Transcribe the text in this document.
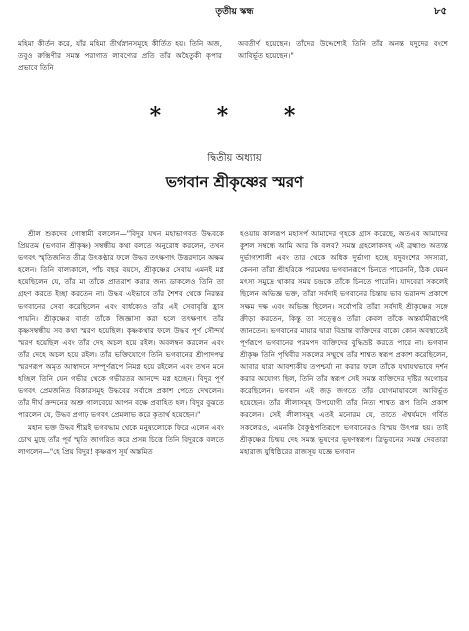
তৃতীয় স্কন্ধ	৮৫

মহিমা কীর্তন করে, যাঁর মহিমা তীর্থস্নানসমূহে কীর্তিত হয়। তিনি অজ, তবুও রুক্মিণীর সমস্ত পরাগাত লাবণ্যের প্রতি তাঁর অহৈতুকী কৃপার প্রভাবে তিনি

অবতীর্ণ হয়েছেন। তাঁদের উদ্দেশ্যেই তিনি তাঁর অনন্ত যদুদের বংশে আবির্ভূত হয়েছেন।"

* * *
দ্বিতীয় অধ্যায়
ভগবান শ্রীকৃষ্ণের স্মরণ

শ্রীল শুকদেব গোস্বামী বললেন—"বিদুর যখন মহাভাগবত উদ্ধবকে প্রিয়তম (ভগবান শ্রীকৃষ্ণ) সম্বন্ধীয় কথা বলতে অনুরোধ করলেন, তখন ভগবৎ স্মৃতিজনিত তীব্র উৎকণ্ঠার ফলে উদ্ধব তৎক্ষণাৎ উত্তরদানে অক্ষম হলেন। তিনি বাল্যকালে, পাঁচ বছর বয়সে, শ্রীকৃষ্ণের সেবায় এমনই মগ্ন হয়েছিলেন যে, তাঁর মা তাঁকে প্রাতরাশ করার জন্য ডাকলেও তিনি তা গ্রহণ করতে ইচ্ছা করতেন না। উদ্ধব এইভাবে তাঁর শৈশব থেকে নিরন্তর ভগবানের সেবা করেছিলেন এবং বার্ধক্যেও তাঁর এই সেবাবৃত্তি হ্রাস পায়নি। শ্রীকৃষ্ণের বার্তা তাঁকে জিজ্ঞাসা করা হলে তৎক্ষণাৎ তাঁর কৃষ্ণসম্বন্ধীয় সব কথা স্মরণ হয়েছিল। কৃষ্ণকথার ফলে উদ্ধব পূর্ণ সৌন্দর্য স্মরণ হয়েছিল এবং তাঁর দেহ অচল হয়ে রইল। অবলম্বন করলেন এবং তাঁর দেহে অচল হয়ে রইল। তাঁর ভক্তিযোগে তিনি ভগবানের শ্রীপাদপদ্ম স্মরণরূপ অমৃত আস্বাদনে সম্পূর্ণরূপে নিমগ্ন হয়ে রইলেন এবং তখন মনে হচ্ছিল তিনি যেন গভীর থেকে গভীরতর আনন্দে মগ্ন হচ্ছেন। বিদুর পূর্ণ ভগবৎ প্রেমজনিত বিকারসমূহ উদ্ধবের সর্বাঙ্গে প্রকাশ পেতে দেখলেন। তাঁর দীর্ঘ ক্রন্দনের অশ্রু গালবেয়ে আপন বক্ষে প্রবাহিত হল। বিদুর বুঝতে পারলেন যে, উদ্ধব প্রগাঢ় ভগবৎ প্রেমলাভ করে কৃতার্থ হয়েছেন।"

মহান ভক্ত উদ্ধব শীঘ্রই ভগবদ্ধাম থেকে মনুষ্যলোকে ফিরে এলেন এবং চোখ মুছে তাঁর পূর্ব স্মৃতি জাগরিত করে প্রসন্ন চিত্তে তিনি বিদুরকে বলতে লাগলেন—"হে প্রিয় বিদুর! কৃষ্ণরূপ সূর্য অস্তমিত

হওয়ায় কালরূপ মহাসর্প আমাদের গৃহকে গ্রাস করেছে, অতএব আমাদের কুশল সম্বন্ধে আমি আর কি বলব? সমস্ত গ্রহলোকসহ এই ব্রহ্মাণ্ড অত্যন্ত দুর্ভাগ্যশালী এবং তার থেকে অধিক দুর্ভাগা হচ্ছে যদুবংশের সদস্যরা, কেননা তাঁরা শ্রীহরিকে পরমেশ্বর ভগবানরূপে চিনতে পারেননি, ঠিক যেমন মৎস্য সমুদ্রে থাকার সময় চন্দ্রকে তাঁকে চিনতে পারেনি। যাদবেরা সকলেই ছিলেন অভিজ্ঞ ভক্ত, তাঁরা সর্বদাই ভগবানের চিন্তায় ভাব ভরানন্দ প্রকাশে সক্ষম দক্ষ এবং অভিজ্ঞ ছিলেন। সর্বোপরি তাঁরা সর্বদাই শ্রীকৃষ্ণের সঙ্গে ক্রীড়া করতেন, কিন্তু তা সত্ত্বেও তাঁরা কেবল তাঁকে অন্তর্যামীরূপেই জানতেন। ভগবানের মায়ার দ্বারা বিভ্রান্ত ব্যক্তিদের বাক্যে কোন অবস্থাতেই পূর্ণরূপে ভগবানের পরমপদ ব্যক্তিদের বুদ্ধিভ্রষ্ট করতে পারে না। ভগবান শ্রীকৃষ্ণ তিনি পৃথিবীর সকলের সম্মুখে তাঁর শাশ্বত স্বরূপ প্রকাশ করেছিলেন, আবার যারা আবশ্যকীয় তপশ্চর্যা না করার ফলে তাঁকে যথাযথভাবে দর্শন করার অযোগ্য ছিল, তিনি তাঁর স্বরূপ সেই সমস্ত ব্যক্তিদের দৃষ্টির অগোচর করেছিলেন। ভগবান এই জড় জগতে তাঁর যোগমায়াবলে আবির্ভূত হয়েছেন। তাঁর লীলাসমূহ উপযোগী তাঁর নিত্য শাশ্বত রূপ তিনি প্রকাশ করলেন। সেই লীলাসমূহ এতই মনোরম যে, তাতে ঐশ্বর্যমদে গর্বিত সকলেরও, এমনকি বৈকুণ্ঠপতিরূপে ভগবানেরও বিস্ময় উৎপন্ন হয়। তাই শ্রীকৃষ্ণের চিন্ময় দেহ সমস্ত ভূষণের ভূষণস্বরূপ। ত্রিভুবনের সমস্ত দেবতারা মহারাজ যুধিষ্ঠিরের রাজসূয় যজ্ঞে ভগবান
